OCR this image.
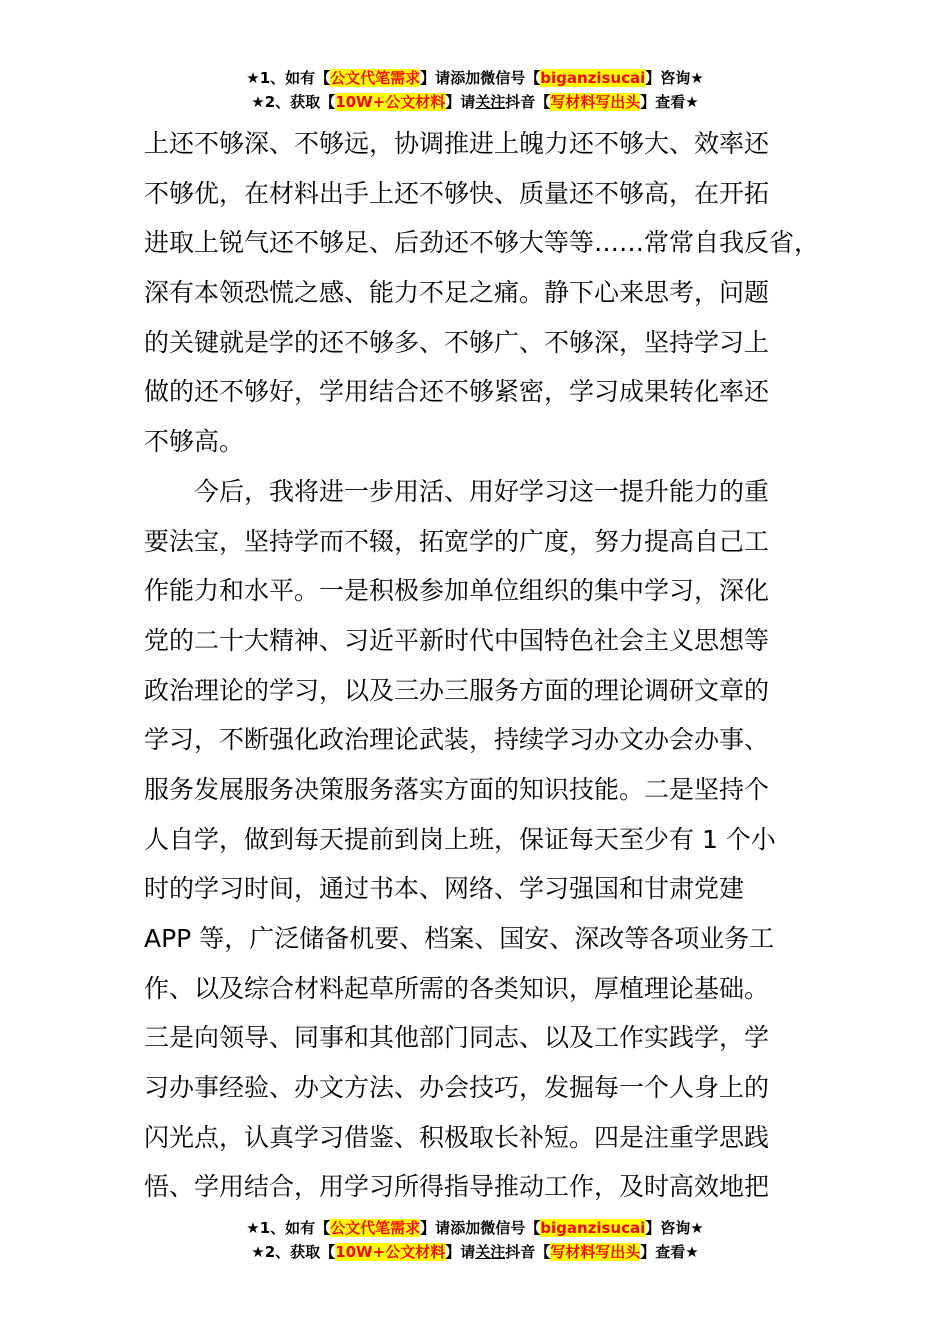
★1、如有【公文代笔需求】请添加微信号【biganzisucai】咨询★
★2、获取【10W+公文材料】请关注抖音【写材料写出头】查看★
上还不够深、不够远，协调推进上魄力还不够大、效率还
不够优，在材料出手上还不够快、质量还不够高，在开拓
进取上锐气还不够足、后劲还不够大等等……常常自我反省，
深有本领恐慌之感、能力不足之痛。静下心来思考，问题
的关键就是学的还不够多、不够广、不够深，坚持学习上
做的还不够好，学用结合还不够紧密，学习成果转化率还
不够高。
　　今后，我将进一步用活、用好学习这一提升能力的重
要法宝，坚持学而不辍，拓宽学的广度，努力提高自己工
作能力和水平。一是积极参加单位组织的集中学习，深化
党的二十大精神、习近平新时代中国特色社会主义思想等
政治理论的学习，以及三办三服务方面的理论调研文章的
学习，不断强化政治理论武装，持续学习办文办会办事、
服务发展服务决策服务落实方面的知识技能。二是坚持个
人自学，做到每天提前到岗上班，保证每天至少有 1 个小
时的学习时间，通过书本、网络、学习强国和甘肃党建
APP 等，广泛储备机要、档案、国安、深改等各项业务工
作、以及综合材料起草所需的各类知识，厚植理论基础。
三是向领导、同事和其他部门同志、以及工作实践学，学
习办事经验、办文方法、办会技巧，发掘每一个人身上的
闪光点，认真学习借鉴、积极取长补短。四是注重学思践
悟、学用结合，用学习所得指导推动工作，及时高效地把
★1、如有【公文代笔需求】请添加微信号【biganzisucai】咨询★
★2、获取【10W+公文材料】请关注抖音【写材料写出头】查看★
